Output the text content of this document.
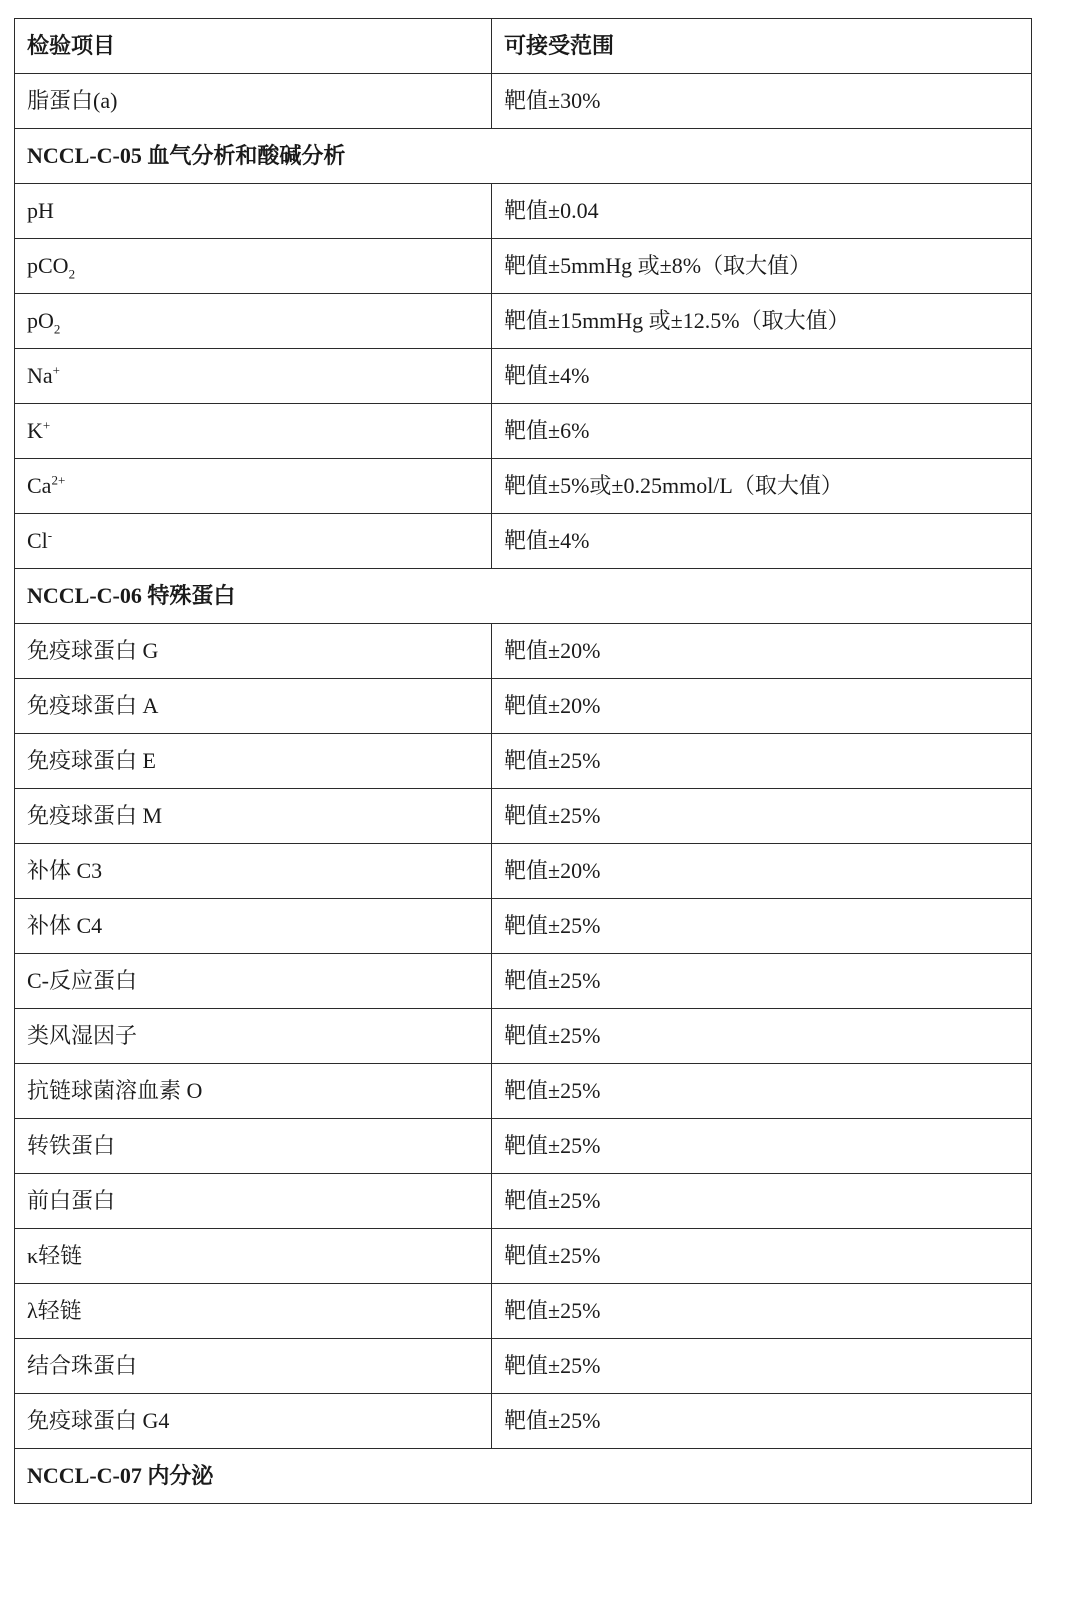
检验项目	可接受范围
脂蛋白(a)	靶值±30%
NCCL-C-05 血气分析和酸碱分析	
pH	靶值±0.04
pCO$_2$	靶值±5mmHg 或±8%（取大值）
$pO_2$	靶值±15mmHg 或±12.5%（取大值）
Na+	靶值±4%
K+	靶值±6%
$Ca^{2+}$	靶值±5%或±0.25mmol/L（取大值）
Cl-	靶值±4%
NCCL-C-06 特殊蛋白	
免疫球蛋白 G	靶值±20%
免疫球蛋白 A	靶值±20%
免疫球蛋白 E	靶值±25%
免疫球蛋白 M	靶值±25%
补体 C3	靶值±20%
补体 C4	靶值±25%
C-反应蛋白	靶值±25%
类风湿因子	靶值±25%
抗链球菌溶血素 O	靶值±25%
转铁蛋白	靶值±25%
前白蛋白	靶值±25%
κ轻链	靶值±25%
λ轻链	靶值±25%
结合珠蛋白	靶值±25%
免疫球蛋白 G4	靶值±25%
NCCL-C-07 内分泌	
